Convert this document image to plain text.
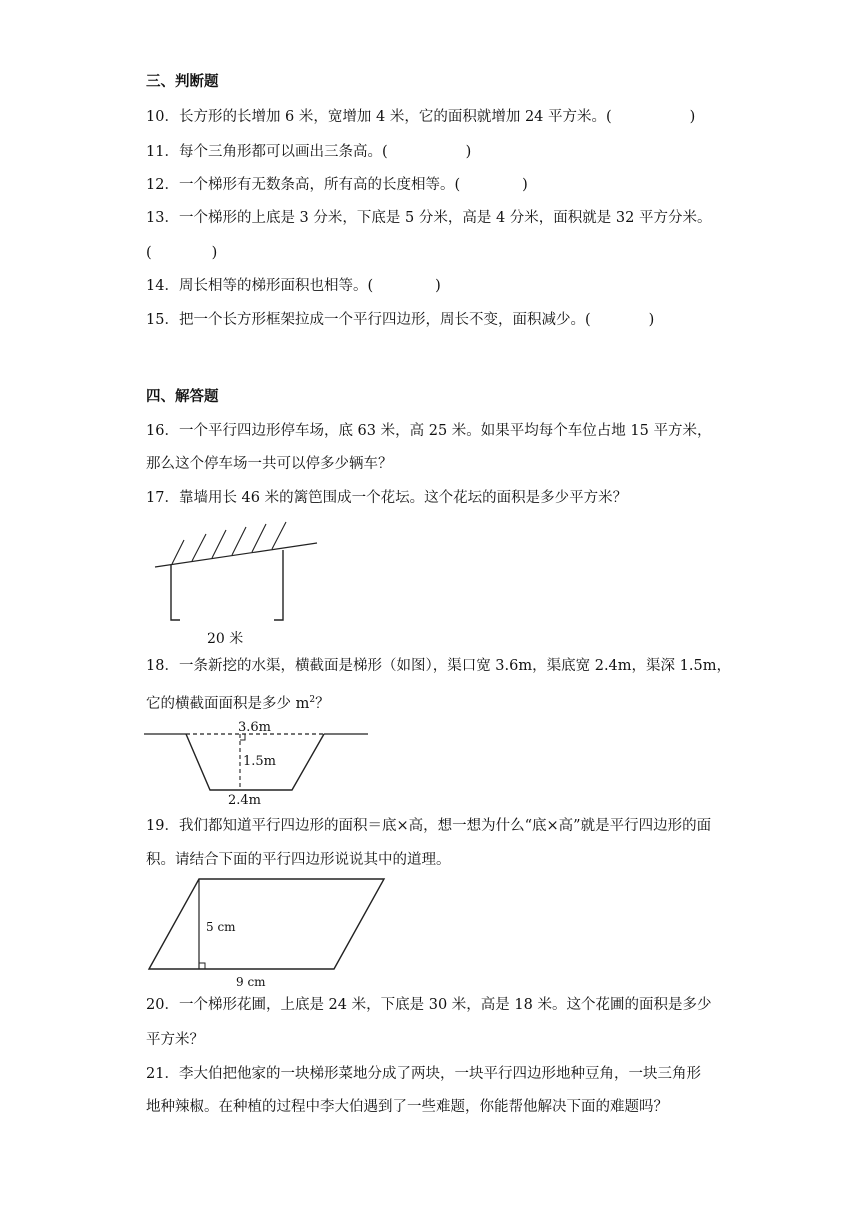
三、判断题
10．长方形的长增加 6 米，宽增加 4 米，它的面积就增加 24 平方米。(	)
11．每个三角形都可以画出三条高。(	)
12．一个梯形有无数条高，所有高的长度相等。(	)
13．一个梯形的上底是 3 分米，下底是 5 分米，高是 4 分米，面积就是 32 平方分米。
(	)
14．周长相等的梯形面积也相等。(	)
15．把一个长方形框架拉成一个平行四边形，周长不变，面积减少。(	)
四、解答题
16．一个平行四边形停车场，底 63 米，高 25 米。如果平均每个车位占地 15 平方米，
那么这个停车场一共可以停多少辆车？
17．靠墙用长 46 米的篱笆围成一个花坛。这个花坛的面积是多少平方米？
20 米
18．一条新挖的水渠，横截面是梯形（如图），渠口宽 3.6m，渠底宽 2.4m，渠深 1.5m，
它的横截面面积是多少 $m^2$？
3.6m
1.5m
2.4m
19．我们都知道平行四边形的面积＝底×高，想一想为什么“底×高”就是平行四边形的面
积。请结合下面的平行四边形说说其中的道理。
5 cm
9 cm
20．一个梯形花圃，上底是 24 米，下底是 30 米，高是 18 米。这个花圃的面积是多少
平方米？
21．李大伯把他家的一块梯形菜地分成了两块，一块平行四边形地种豆角，一块三角形
地种辣椒。在种植的过程中李大伯遇到了一些难题，你能帮他解决下面的难题吗？
